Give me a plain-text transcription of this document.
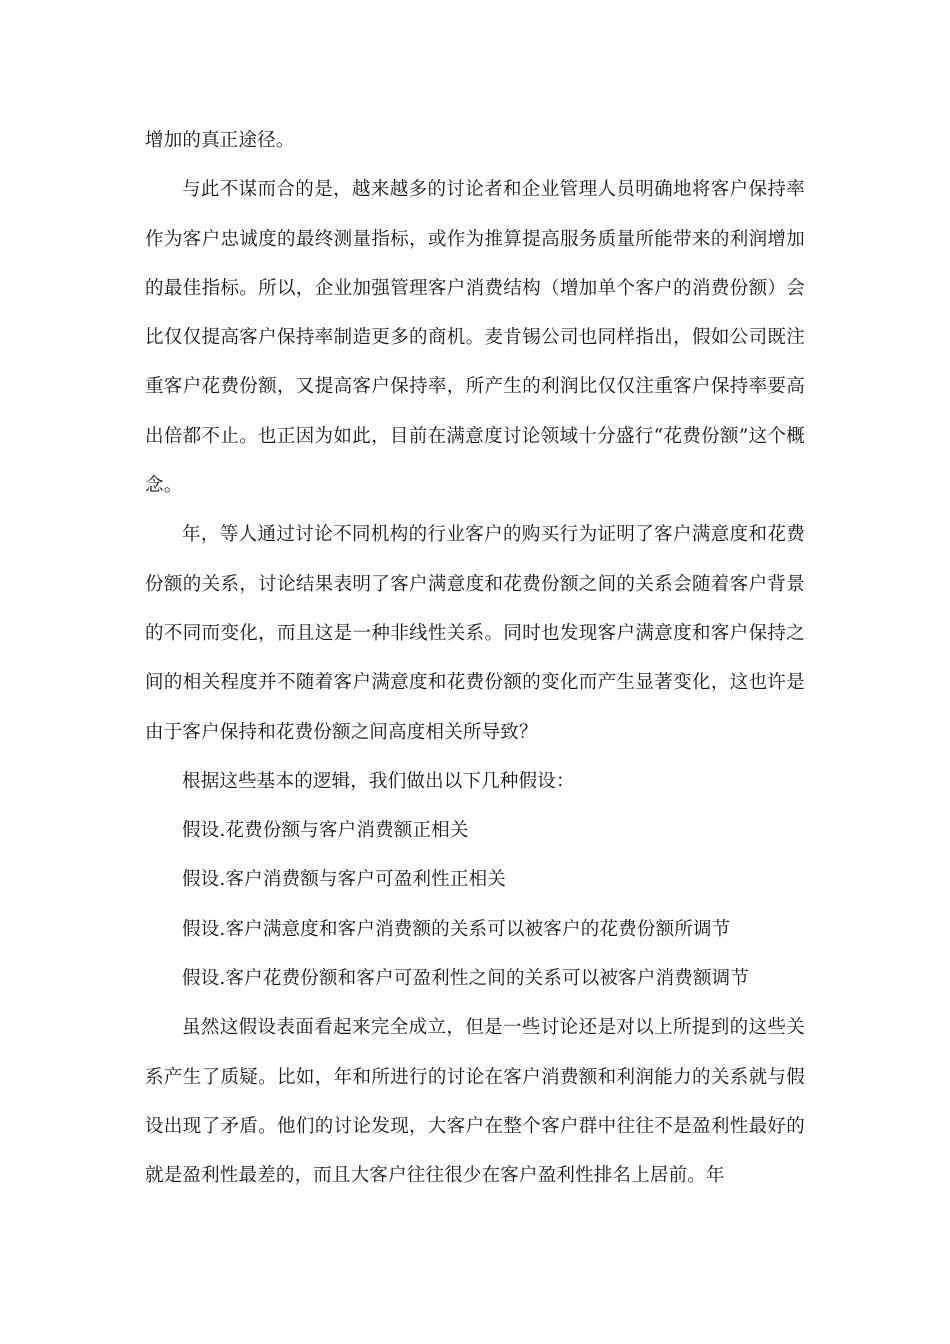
增加的真正途径。

与此不谋而合的是，越来越多的讨论者和企业管理人员明确地将客户保持率作为客户忠诚度的最终测量指标，或作为推算提高服务质量所能带来的利润增加的最佳指标。所以，企业加强管理客户消费结构（增加单个客户的消费份额）会比仅仅提高客户保持率制造更多的商机。麦肯锡公司也同样指出，假如公司既注重客户花费份额，又提高客户保持率，所产生的利润比仅仅注重客户保持率要高出倍都不止。也正因为如此，目前在满意度讨论领域十分盛行“花费份额”这个概念。

年，等人通过讨论不同机构的行业客户的购买行为证明了客户满意度和花费份额的关系，讨论结果表明了客户满意度和花费份额之间的关系会随着客户背景的不同而变化，而且这是一种非线性关系。同时也发现客户满意度和客户保持之间的相关程度并不随着客户满意度和花费份额的变化而产生显著变化，这也许是由于客户保持和花费份额之间高度相关所导致？

根据这些基本的逻辑，我们做出以下几种假设：

假设.花费份额与客户消费额正相关

假设.客户消费额与客户可盈利性正相关

假设.客户满意度和客户消费额的关系可以被客户的花费份额所调节

假设.客户花费份额和客户可盈利性之间的关系可以被客户消费额调节

虽然这假设表面看起来完全成立，但是一些讨论还是对以上所提到的这些关系产生了质疑。比如，年和所进行的讨论在客户消费额和利润能力的关系就与假设出现了矛盾。他们的讨论发现，大客户在整个客户群中往往不是盈利性最好的就是盈利性最差的，而且大客户往往很少在客户盈利性排名上居前。年
